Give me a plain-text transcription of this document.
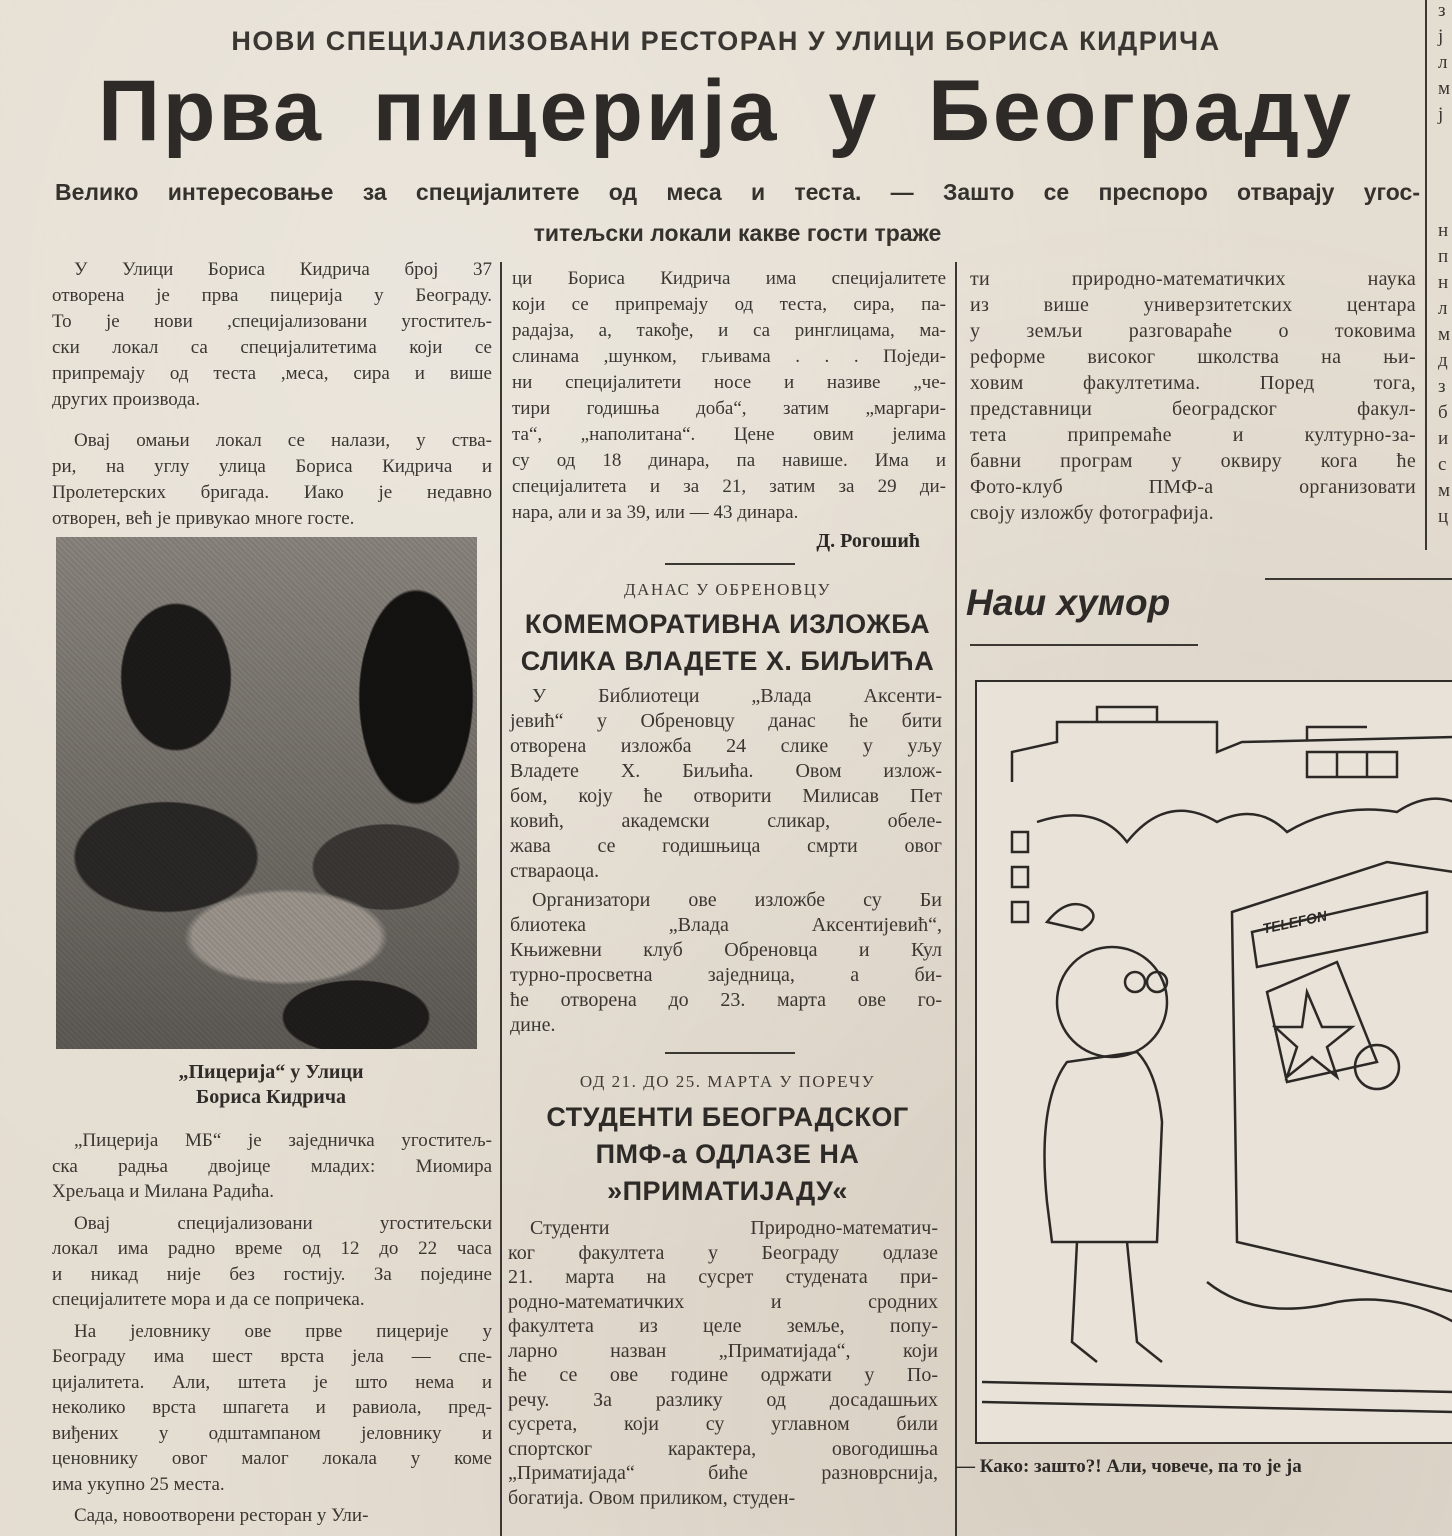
НОВИ СПЕЦИЈАЛИЗОВАНИ РЕСТОРАН У УЛИЦИ БОРИСА КИДРИЧА
Прва пицерија у Београду
Велико интересовање за специјалитете од меса и теста. — Зашто се преспоро отварају угос-
титељски локали какве гости траже
У Улици Бориса Кидрича број 37
отворена је прва пицерија у Београду.
То је нови ,специјализовани угоститељ-
ски локал са специјалитетима који се
припремају од теста ,меса, сира и више
других производа.
Овај омањи локал се налази, у ства-
ри, на углу улица Бориса Кидрича и
Пролетерских бригада. Иако је недавно
отворен, већ је привукао многе госте.
„Пицерија“ у Улици
Бориса Кидрича
„Пицерија МБ“ је заједничка угоститељ-
ска радња двојице младих: Миомира
Хрељаца и Милана Радића.
Овај специјализовани угоститељски
локал има радно време од 12 до 22 часа
и никад није без гостију. За поједине
специјалитете мора и да се попричека.
На јеловнику ове прве пицерије у
Београду има шест врста јела — спе-
цијалитета. Али, штета је што нема и
неколико врста шпагета и равиола, пред-
виђених у одштампаном јеловнику и
ценовнику овог малог локала у коме
има укупно 25 места.
Сада, новоотворени ресторан у Ули-
ци Бориса Кидрича има специјалитете
који се припремају од теста, сира, па-
радајза, а, такође, и са ринглицама, ма-
слинама ,шунком, гљивама . . . Поједи-
ни специјалитети носе и називе „че-
тири годишња доба“, затим „маргари-
та“, „наполитана“. Цене овим јелима
су од 18 динара, па навише. Има и
специјалитета и за 21, затим за 29 ди-
нара, али и за 39, или — 43 динара.
Д. Рогошић
ДАНАС У ОБРЕНОВЦУ
КОМЕМОРАТИВНА ИЗЛОЖБА
СЛИКА ВЛАДЕТЕ Х. БИЉИЋА
У Библиотеци „Влада Аксенти-
јевић“ у Обреновцу данас ће бити
отворена изложба 24 слике у уљу
Владете Х. Биљића. Овом излож-
бом, коју ће отворити Милисав Пет
ковић, академски сликар, обеле-
жава се годишњица смрти овог
ствараоца.
Организатори ове изложбе су Би
блиотека „Влада Аксентијевић“,
Књижевни клуб Обреновца и Кул
турно-просветна заједница, а би-
ће отворена до 23. марта ове го-
дине.
ОД 21. ДО 25. МАРТА У ПОРЕЧУ
СТУДЕНТИ БЕОГРАДСКОГ
ПМФ-а ОДЛАЗЕ НА
»ПРИМАТИЈАДУ«
Студенти Природно-математич-
ког факултета у Београду одлазе
21. марта на сусрет студената при-
родно-математичких и сродних
факултета из целе земље, попу-
ларно назван „Приматијада“, који
ће се ове године одржати у По-
речу. За разлику од досадашњих
сусрета, који су углавном били
спортског карактера, овогодишња
„Приматијада“ биће разноврснија,
богатија. Овом приликом, студен-
ти природно-математичких наука
из више универзитетских центара
у земљи разговараће о токовима
реформе високог школства на њи-
ховим факултетима. Поред тога,
представници београдског факул-
тета припремаће и културно-за-
бавни програм у оквиру кога ће
Фото-клуб ПМФ-а организовати
своју изложбу фотографија.
Наш хумор
TELEFON
— Како: зашто?! Али, човече, па то је ја
з
ј
л
м
ј
н
п
н
л
м
д
з
б
и
с
м
ц
